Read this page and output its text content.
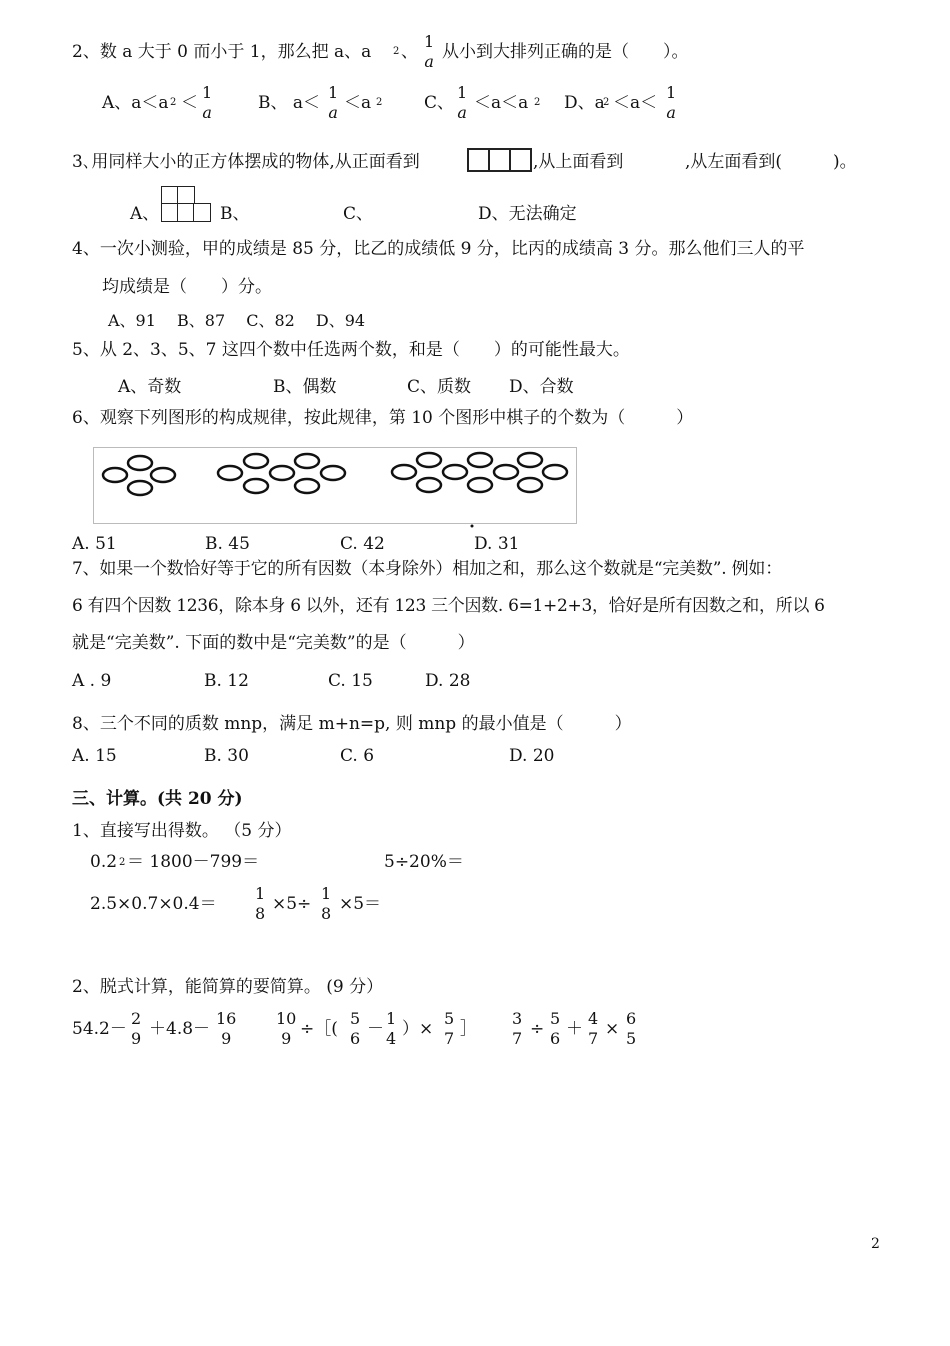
2、数 a 大于 0 而小于 1，那么把 a、a 2 、
1
a 从小到大排列正确的是（　　）。
A、a＜a 2 ＜
1
a	B、 a＜
1
a ＜a 2 C、
1
a ＜a＜a 2 D、a
2 ＜a＜
1
a
3､用同样大小的正方体摆成的物体,从正面看到	,从上面看到	,从左面看到(　　　)。
A、	B、	C、	D、无法确定
4、一次小测验，甲的成绩是 85 分，比乙的成绩低 9 分，比丙的成绩高 3 分。那么他们三人的平
均成绩是（　　）分。
A、91　 B、87　 C、82　 D、94
5、从 2、3、5、7 这四个数中任选两个数，和是（　　）的可能性最大。
A、奇数	B、偶数	C、质数 D、合数
6、观察下列图形的构成规律，按此规律，第 10 个图形中棋子的个数为（　　　）
A. 51	B. 45	C. 42	D. 31
7、如果一个数恰好等于它的所有因数（本身除外）相加之和，那么这个数就是“完美数”. 例如：
6 有四个因数 1236，除本身 6 以外，还有 123 三个因数. 6=1+2+3，恰好是所有因数之和，所以 6
就是“完美数”. 下面的数中是“完美数”的是（　　　）
A . 9	B. 12	C. 15	D. 28
8、三个不同的质数 mnp，满足 m+n=p, 则 mnp 的最小值是（　　　）
A. 15	B. 30	C. 6	D. 20
三、计算。(共 20 分)
1、直接写出得数。 （5 分）
0.2 2 ＝ 1800－799＝	5÷20%＝
2.5×0.7×0.4＝
1
8 ×5÷
1
8 ×5＝
2、脱式计算，能简算的要简算。 (9 分）
54.2－
2
9 ＋4.8－
16
9
10
9 ÷［(
5
6 －
1
4 ）×
5
7 ］
3
7 ÷
5
6 ＋
4
7 ×
6
5
2
